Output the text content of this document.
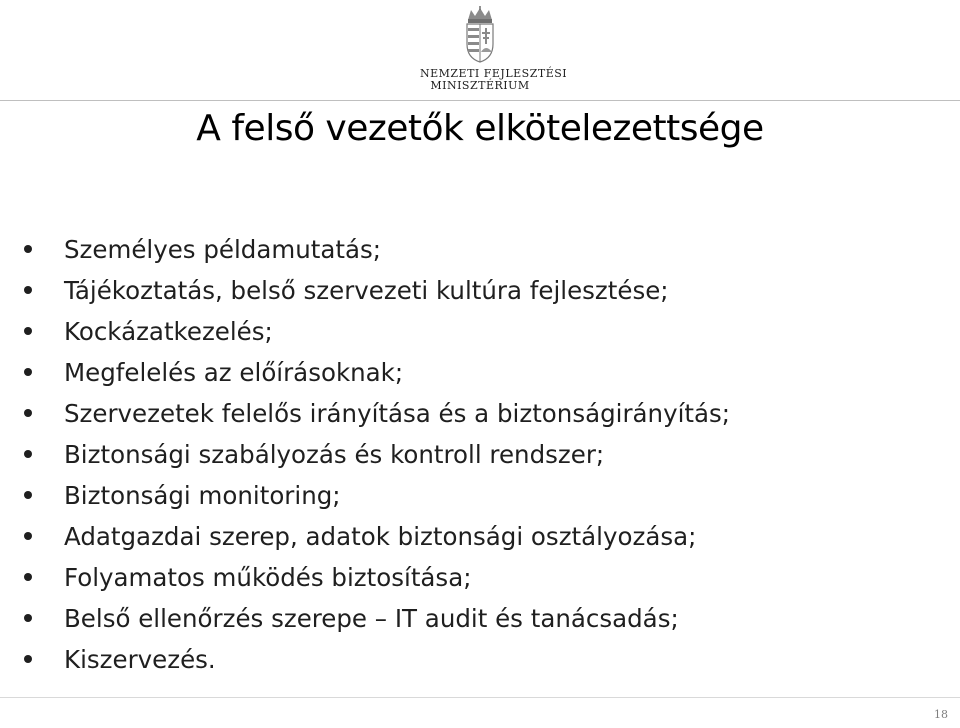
NEMZETI FEJLESZTÉSI
MINISZTÉRIUM
A felső vezetők elkötelezettsége
Személyes példamutatás;
Tájékoztatás, belső szervezeti kultúra fejlesztése;
Kockázatkezelés;
Megfelelés az előírásoknak;
Szervezetek felelős irányítása és a biztonságirányítás;
Biztonsági szabályozás és kontroll rendszer;
Biztonsági monitoring;
Adatgazdai szerep, adatok biztonsági osztályozása;
Folyamatos működés biztosítása;
Belső ellenőrzés szerepe – IT audit és tanácsadás;
Kiszervezés.
18
